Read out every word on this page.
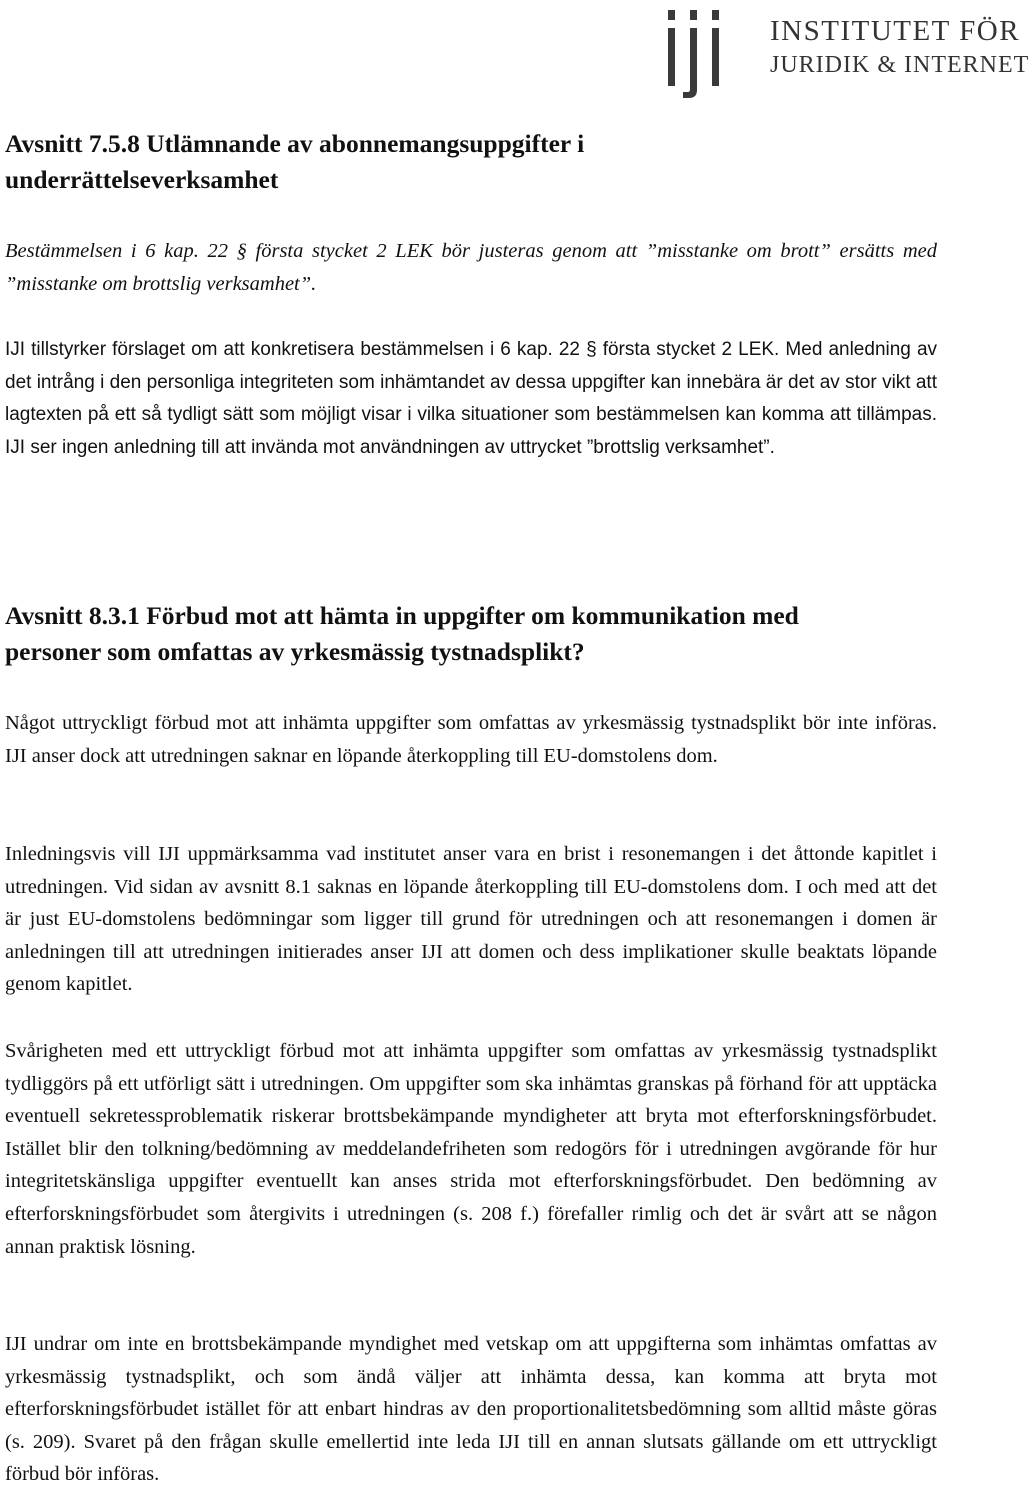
INSTITUTET FÖR
JURIDIK & INTERNET
Avsnitt 7.5.8 Utlämnande av abonnemangsuppgifter i
underrättelseverksamhet

Bestämmelsen i 6 kap. 22 § första stycket 2 LEK bör justeras genom att ”misstanke om brott” ersätts med ”misstanke om brottslig verksamhet”.

IJI tillstyrker förslaget om att konkretisera bestämmelsen i 6 kap. 22 § första stycket 2 LEK. Med anledning av det intrång i den personliga integriteten som inhämtandet av dessa uppgifter kan innebära är det av stor vikt att lagtexten på ett så tydligt sätt som möjligt visar i vilka situationer som bestämmelsen kan komma att tillämpas. IJI ser ingen anledning till att invända mot användningen av uttrycket ”brottslig verksamhet”.

Avsnitt 8.3.1 Förbud mot att hämta in uppgifter om kommunikation med
personer som omfattas av yrkesmässig tystnadsplikt?

Något uttryckligt förbud mot att inhämta uppgifter som omfattas av yrkesmässig tystnadsplikt bör inte införas. IJI anser dock att utredningen saknar en löpande återkoppling till EU-domstolens dom.

Inledningsvis vill IJI uppmärksamma vad institutet anser vara en brist i resonemangen i det åttonde kapitlet i utredningen. Vid sidan av avsnitt 8.1 saknas en löpande återkoppling till EU-domstolens dom. I och med att det är just EU-domstolens bedömningar som ligger till grund för utredningen och att resonemangen i domen är anledningen till att utredningen initierades anser IJI att domen och dess implikationer skulle beaktats löpande genom kapitlet.

Svårigheten med ett uttryckligt förbud mot att inhämta uppgifter som omfattas av yrkesmässig tystnadsplikt tydliggörs på ett utförligt sätt i utredningen. Om uppgifter som ska inhämtas granskas på förhand för att upptäcka eventuell sekretessproblematik riskerar brottsbekämpande myndigheter att bryta mot efterforskningsförbudet. Istället blir den tolkning/bedömning av meddelandefriheten som redogörs för i utredningen avgörande för hur integritetskänsliga uppgifter eventuellt kan anses strida mot efterforskningsförbudet. Den bedömning av efterforskningsförbudet som återgivits i utredningen (s. 208 f.) förefaller rimlig och det är svårt att se någon annan praktisk lösning.

IJI undrar om inte en brottsbekämpande myndighet med vetskap om att uppgifterna som inhämtas omfattas av yrkesmässig tystnadsplikt, och som ändå väljer att inhämta dessa, kan komma att bryta mot efterforskningsförbudet istället för att enbart hindras av den proportionalitetsbedömning som alltid måste göras (s. 209). Svaret på den frågan skulle emellertid inte leda IJI till en annan slutsats gällande om ett uttryckligt förbud bör införas.
